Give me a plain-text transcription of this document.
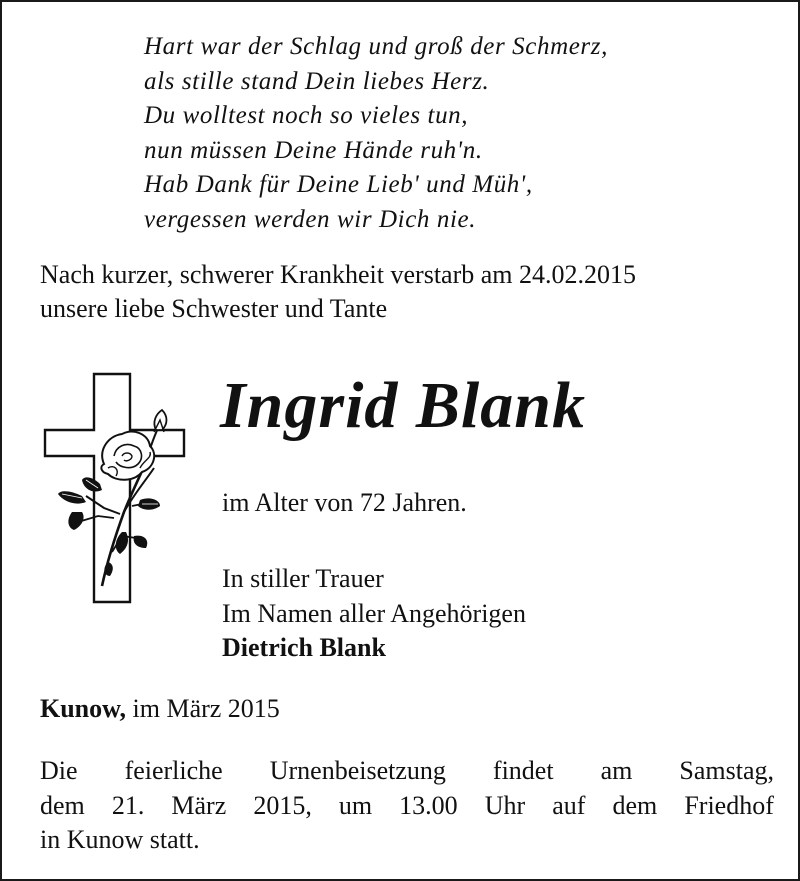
Hart war der Schlag und groß der Schmerz,
als stille stand Dein liebes Herz.
Du wolltest noch so vieles tun,
nun müssen Deine Hände ruh'n.
Hab Dank für Deine Lieb' und Müh',
vergessen werden wir Dich nie.
Nach kurzer, schwerer Krankheit verstarb am 24.02.2015
unsere liebe Schwester und Tante
Ingrid Blank
im Alter von 72 Jahren.
In stiller Trauer
Im Namen aller Angehörigen
Dietrich Blank
Kunow, im März 2015
Die feierliche Urnenbeisetzung findet am Samstag,
dem 21. März 2015, um 13.00 Uhr auf dem Friedhof
in Kunow statt.
